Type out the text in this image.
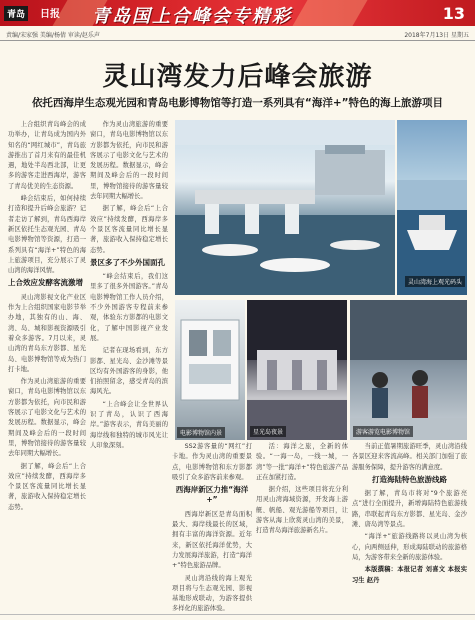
青岛	日报 青岛国上合峰会专精彩	13
责编/宋家强 美编/杨倩 审读/赵乐声	2018年7月13日 星期五
灵山湾发力后峰会旅游
依托西海岸生态观光园和青岛电影博物馆等打造一系列具有“海洋+”特色的海上旅游项目

上合组织青岛峰会的成功举办，让青岛成为国内外知名的“网红城市”，青岛旅游推出了首月来有的最佳机遇，地处半岛西北部，让更多的游客走进西海岸，游客了青岛优美的生态资源。

峰会结束后，如何持续打造和提升后峰会旅游？记者走访了解到，青岛西海岸新区依托生态观光园、青岛电影博物馆等资源，打造一系列具有“海洋+”特色的海上旅游项目，充分展示了灵山湾的海洋风情。

上合效应发酵客流激增

灵山湾影视文化产业区作为上合组织国家电影节举办地，其独有的山、海、湾、岛、城和影视资源吸引着众多游客。7月以来，灵山湾的青岛东方影都、星光岛、电影博物馆等成为热门打卡地。

作为灵山湾旅游的重要窗口，青岛电影博物馆以东方影都为依托，向市民和游客展示了电影文化与艺术的发展历程。数据显示，峰会期间及峰会后的一段时间里，博物馆接待的游客量较去年同期大幅增长。

据了解，峰会后“上合效应”持续发酵，西海岸多个景区客流量同比增长显著，旅游收入保持稳定增长态势。

作为灵山湾旅游的重要窗口，青岛电影博物馆以东方影都为依托，向市民和游客展示了电影文化与艺术的发展历程。数据显示，峰会期间及峰会后的一段时间里，博物馆接待的游客量较去年同期大幅增长。

据了解，峰会后“上合效应”持续发酵，西海岸多个景区客流量同比增长显著，旅游收入保持稳定增长态势。

景区多了不少外国面孔

“峰会结束后，我们这里多了很多外国游客。”青岛电影博物馆工作人员介绍，不少外国游客专程前来参观，体验东方影都的电影文化，了解中国影视产业发展。

记者在现场看到，东方影都、星光岛、金沙滩等景区均有外国游客的身影，他们拍照留念，感受青岛的滨海风光。

“上合峰会让全世界认识了青岛，认识了西海岸。”游客表示，青岛美丽的海岸线和独特的城市风光让人印象深刻。

灵山湾海上观光码头
电影博物馆内景	星光岛夜景	游客游览电影博物馆

SS2游客量的“网红”打卡地。作为灵山湾的重要景点，电影博物馆和东方影都吸引了众多游客前来参观。

西海岸新区力推“海洋+”

西海岸新区是青岛面积最大、海岸线最长的区域，拥有丰富的海洋资源。近年来，新区依托海洋优势，大力发展海洋旅游，打造“海洋+”特色旅游品牌。

灵山湾沿线的海上观光项目将与生态观光园、影视基地形成联动，为游客提供多样化的旅游体验。

活：海洋之旅，全新的体验。“一海一岛，一线一城，一湾”等一批“海洋+”特色旅游产品正在加紧打造。

据介绍，这些项目将充分利用灵山湾海域资源，开发海上游艇、帆船、观光游船等项目，让游客从海上欣赏灵山湾的美景，打造青岛海洋旅游新名片。

当前正值暑期旅游旺季，灵山湾沿线各景区迎来客流高峰。相关部门加强了旅游服务保障，提升游客的满意度。

打造海陆特色旅游线路

据了解，青岛市将对“9个旅游亮点”进行全面提升，新增海陆特色旅游线路，串联起青岛东方影都、星光岛、金沙滩、唐岛湾等景点。

“海洋+”旅游线路将以灵山湾为核心，向两侧延伸，形成海陆联动的旅游格局，为游客带来全新的旅游体验。

本版撰稿：本报记者 刘喜文 本报实习生 赵丹
